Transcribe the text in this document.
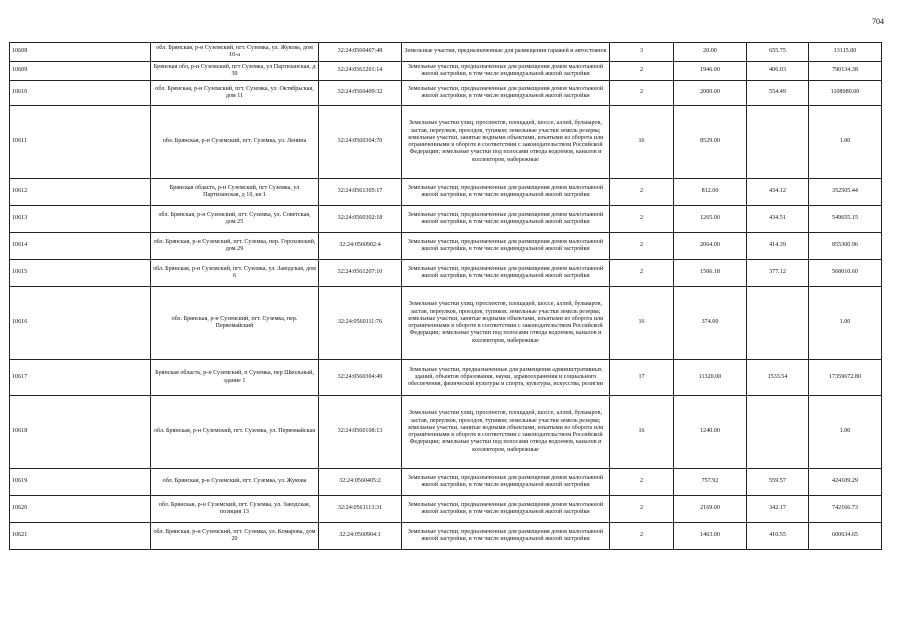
704
10608	обл. Брянская, р-н Суземский, пгт. Суземка, ул. Жукова, дом 10-а	32:24:0560407:48	Земельные участки, предназначенные для размещения гаражей и автостоянок	3	20.00	655.75	13115.00
10609	Брянская обл, р-н Суземский, пгт Суземка, ул Партизанская, д 39	32:24:0561201:14	Земельные участки, предназначенные для размещения домов малоэтажной жилой застройки, в том числе индивидуальной жилой застройки	2	1946.00	406.03	790134.38
10610	обл. Брянская, р-н Суземский, пгт. Суземка, ул. Октябрьская, дом 11	32:24:0560409:32	Земельные участки, предназначенные для размещения домов малоэтажной жилой застройки, в том числе индивидуальной жилой застройки	2	2000.00	554.49	1108980.00
10611	обл. Брянская, р-н Суземский, пгт. Суземка, ул. Ленина	32:24:0560304:70	Земельные участки улиц, проспектов, площадей, шоссе, аллей, бульваров, застав, переулков, проездов, тупиков; земельные участки земель резерва; земельные участки, занятые водными объектами, изъятыми из оборота или ограниченными в обороте в соответствии с законодательством Российской Федерации; земельные участки под полосами отвода водоемов, каналов и коллекторов, набережные	16	8529.00		1.00
10612	Брянская область, р-н Суземский, пгт Суземка, ул Партизанская, д 10, кв 1	32:24:0561305:17	Земельные участки, предназначенные для размещения домов малоэтажной жилой застройки, в том числе индивидуальной жилой застройки	2	812.00	434.12	352505.44
10613	обл. Брянская, р-н Суземский, пгт. Суземка, ул. Советская, дом 25	32:24:0560302:18	Земельные участки, предназначенные для размещения домов малоэтажной жилой застройки, в том числе индивидуальной жилой застройки	2	1265.00	434.51	549655.15
10614	обл. Брянская, р-н Суземский, пгт. Суземка, пер. Гороховский, дом 29	32:24:0560902:4	Земельные участки, предназначенные для размещения домов малоэтажной жилой застройки, в том числе индивидуальной жилой застройки	2	2064.00	414.39	855300.96
10615	обл. Брянская, р-н Суземский, пгт. Суземка, ул. Заводская, дом 6	32:24:0561207:10	Земельные участки, предназначенные для размещения домов малоэтажной жилой застройки, в том числе индивидуальной жилой застройки	2	1506.18	377.12	568010.60
10616	обл. Брянская, р-н Суземский, пгт. Суземка, пер. Первомайский	32:24:0560111:76	Земельные участки улиц, проспектов, площадей, шоссе, аллей, бульваров, застав, переулков, проездов, тупиков; земельные участки земель резерва; земельные участки, занятые водными объектами, изъятыми из оборота или ограниченными в обороте в соответствии с законодательством Российской Федерации; земельные участки под полосами отвода водоемов, каналов и коллекторов, набережные	16	374.00		1.00
10617	Брянская область, р-н Суземский, п Суземка, пер Школьный, здание 1	32:24:0560304:49	Земельные участки, предназначенные для размещения административных зданий, объектов образования, науки, здравоохранения и социального обеспечения, физической культуры и спорта, культуры, искусства, религии	17	11320.00	1533.54	17359672.80
10618	обл. Брянская, р-н Суземский, пгт. Суземка, ул. Первомайская	32:24:0560108:13	Земельные участки улиц, проспектов, площадей, шоссе, аллей, бульваров, застав, переулков, проездов, тупиков; земельные участки земель резерва; земельные участки, занятые водными объектами, изъятыми из оборота или ограниченными в обороте в соответствии с законодательством Российской Федерации; земельные участки под полосами отвода водоемов, каналов и коллекторов, набережные	16	1240.00		1.00
10619	обл. Брянская, р-н Суземский, пгт. Суземка, ул. Жукова	32:24:0560405:2	Земельные участки, предназначенные для размещения домов малоэтажной жилой застройки, в том числе индивидуальной жилой застройки	2	757.92	559.57	424109.29
10620	обл. Брянская, р-н Суземский, пгт. Суземка, ул. Заводская, позиция 13	32:24:0561113:31	Земельные участки, предназначенные для размещения домов малоэтажной жилой застройки, в том числе индивидуальной жилой застройки	2	2169.00	342.17	742166.73
10621	обл. Брянская, р-н Суземский, пгт. Суземка, ул. Комарова, дом 20	32:24:0560904:1	Земельные участки, предназначенные для размещения домов малоэтажной жилой застройки, в том числе индивидуальной жилой застройки	2	1463.00	410.55	600634.65
